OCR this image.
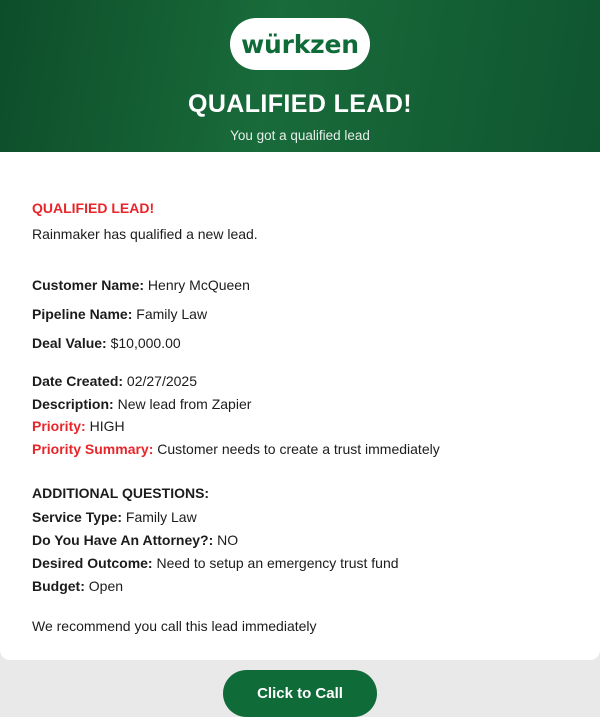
würkzen
QUALIFIED LEAD!
You got a qualified lead

QUALIFIED LEAD!

Rainmaker has qualified a new lead.

Customer Name: Henry McQueen

Pipeline Name: Family Law

Deal Value: $10,000.00

Date Created: 02/27/2025

Description: New lead from Zapier

Priority: HIGH

Priority Summary: Customer needs to create a trust immediately

ADDITIONAL QUESTIONS:

Service Type: Family Law

Do You Have An Attorney?: NO

Desired Outcome: Need to setup an emergency trust fund

Budget: Open

We recommend you call this lead immediately

Click to Call
